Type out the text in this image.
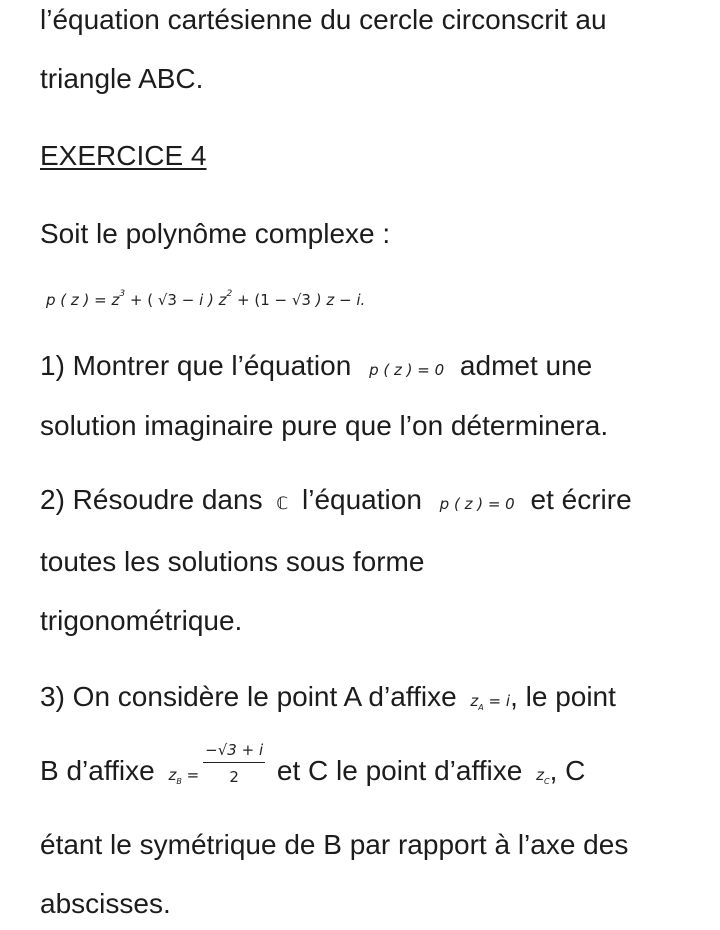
l’équation cartésienne du cercle circonscrit au
triangle ABC.
EXERCICE 4
Soit le polynôme complexe :
p ( z ) = $z^3$ + ( √3 − i ) $z^2 + (1 - √3$ ) z − i.
1) Montrer que l’équation p ( z ) = 0 admet une
solution imaginaire pure que l’on déterminera.
2) Résoudre dans ℂ l’équation p ( z ) = 0 et écrire
toutes les solutions sous forme
trigonométrique.
3) On considère le point A d’affixe $z_A = i$, le point
B d’affixe $z_B = \frac{-√3 + i}{2}$ et C le point d’affixe $z_C$, C
étant le symétrique de B par rapport à l’axe des
abscisses.
